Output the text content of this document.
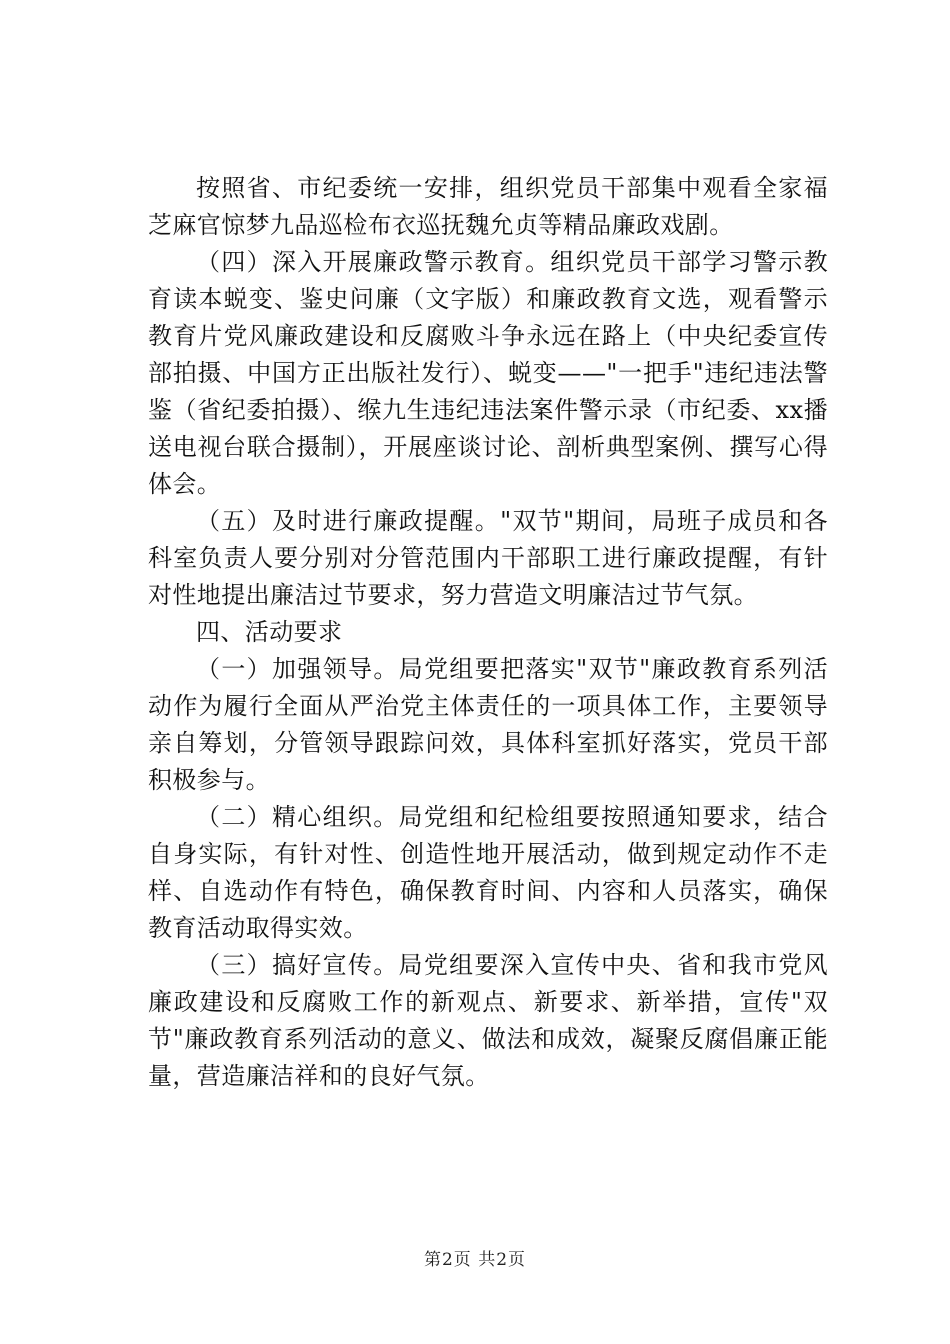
按照省、市纪委统一安排，组织党员干部集中观看全家福芝麻官惊梦九品巡检布衣巡抚魏允贞等精品廉政戏剧。

（四）深入开展廉政警示教育。组织党员干部学习警示教育读本蜕变、鉴史问廉（文字版）和廉政教育文选，观看警示教育片党风廉政建设和反腐败斗争永远在路上（中央纪委宣传部拍摄、中国方正出版社发行）、蜕变——"一把手"违纪违法警鉴（省纪委拍摄）、缑九生违纪违法案件警示录（市纪委、xx播送电视台联合摄制），开展座谈讨论、剖析典型案例、撰写心得体会。

（五）及时进行廉政提醒。"双节"期间，局班子成员和各科室负责人要分别对分管范围内干部职工进行廉政提醒，有针对性地提出廉洁过节要求，努力营造文明廉洁过节气氛。

四、活动要求

（一）加强领导。局党组要把落实"双节"廉政教育系列活动作为履行全面从严治党主体责任的一项具体工作，主要领导亲自筹划，分管领导跟踪问效，具体科室抓好落实，党员干部积极参与。

（二）精心组织。局党组和纪检组要按照通知要求，结合自身实际，有针对性、创造性地开展活动，做到规定动作不走样、自选动作有特色，确保教育时间、内容和人员落实，确保教育活动取得实效。

（三）搞好宣传。局党组要深入宣传中央、省和我市党风廉政建设和反腐败工作的新观点、新要求、新举措，宣传"双节"廉政教育系列活动的意义、做法和成效，凝聚反腐倡廉正能量，营造廉洁祥和的良好气氛。

第2页 共2页
